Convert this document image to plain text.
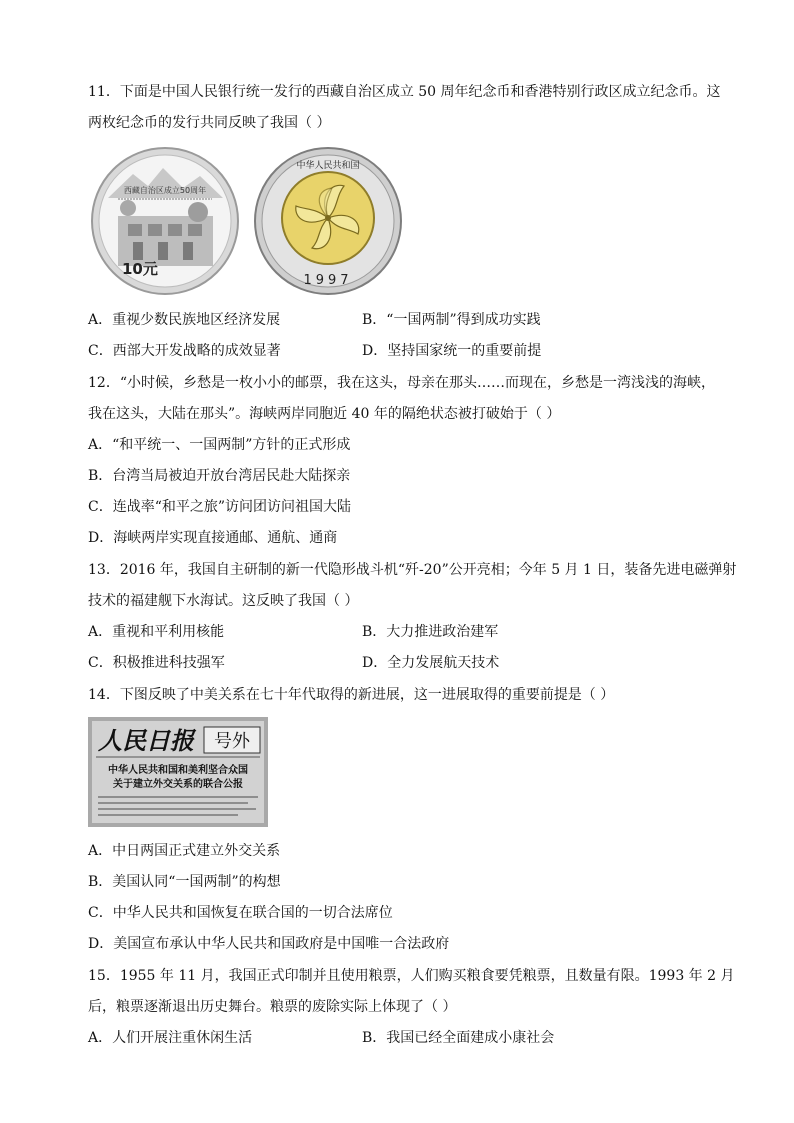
11．下面是中国人民银行统一发行的西藏自治区成立 50 周年纪念币和香港特别行政区成立纪念币。这
两枚纪念币的发行共同反映了我国（ ）
西藏自治区成立50周年
10元
中华人民共和国
1997
A．重视少数民族地区经济发展	B．“一国两制”得到成功实践
C．西部大开发战略的成效显著	D．坚持国家统一的重要前提
12．“小时候，乡愁是一枚小小的邮票，我在这头，母亲在那头……而现在，乡愁是一湾浅浅的海峡，
我在这头，大陆在那头”。海峡两岸同胞近 40 年的隔绝状态被打破始于（ ）
A．“和平统一、一国两制”方针的正式形成
B．台湾当局被迫开放台湾居民赴大陆探亲
C．连战率“和平之旅”访问团访问祖国大陆
D．海峡两岸实现直接通邮、通航、通商
13．2016 年，我国自主研制的新一代隐形战斗机“歼-20”公开亮相；今年 5 月 1 日，装备先进电磁弹射
技术的福建舰下水海试。这反映了我国（ ）
A．重视和平利用核能	B．大力推进政治建军
C．积极推进科技强军	D．全力发展航天技术
14．下图反映了中美关系在七十年代取得的新进展，这一进展取得的重要前提是（ ）
人民日报 号外
中华人民共和国和美利坚合众国
关于建立外交关系的联合公报
A．中日两国正式建立外交关系
B．美国认同“一国两制”的构想
C．中华人民共和国恢复在联合国的一切合法席位
D．美国宣布承认中华人民共和国政府是中国唯一合法政府
15．1955 年 11 月，我国正式印制并且使用粮票，人们购买粮食要凭粮票，且数量有限。1993 年 2 月
后，粮票逐渐退出历史舞台。粮票的废除实际上体现了（ ）
A．人们开展注重休闲生活	B．我国已经全面建成小康社会
